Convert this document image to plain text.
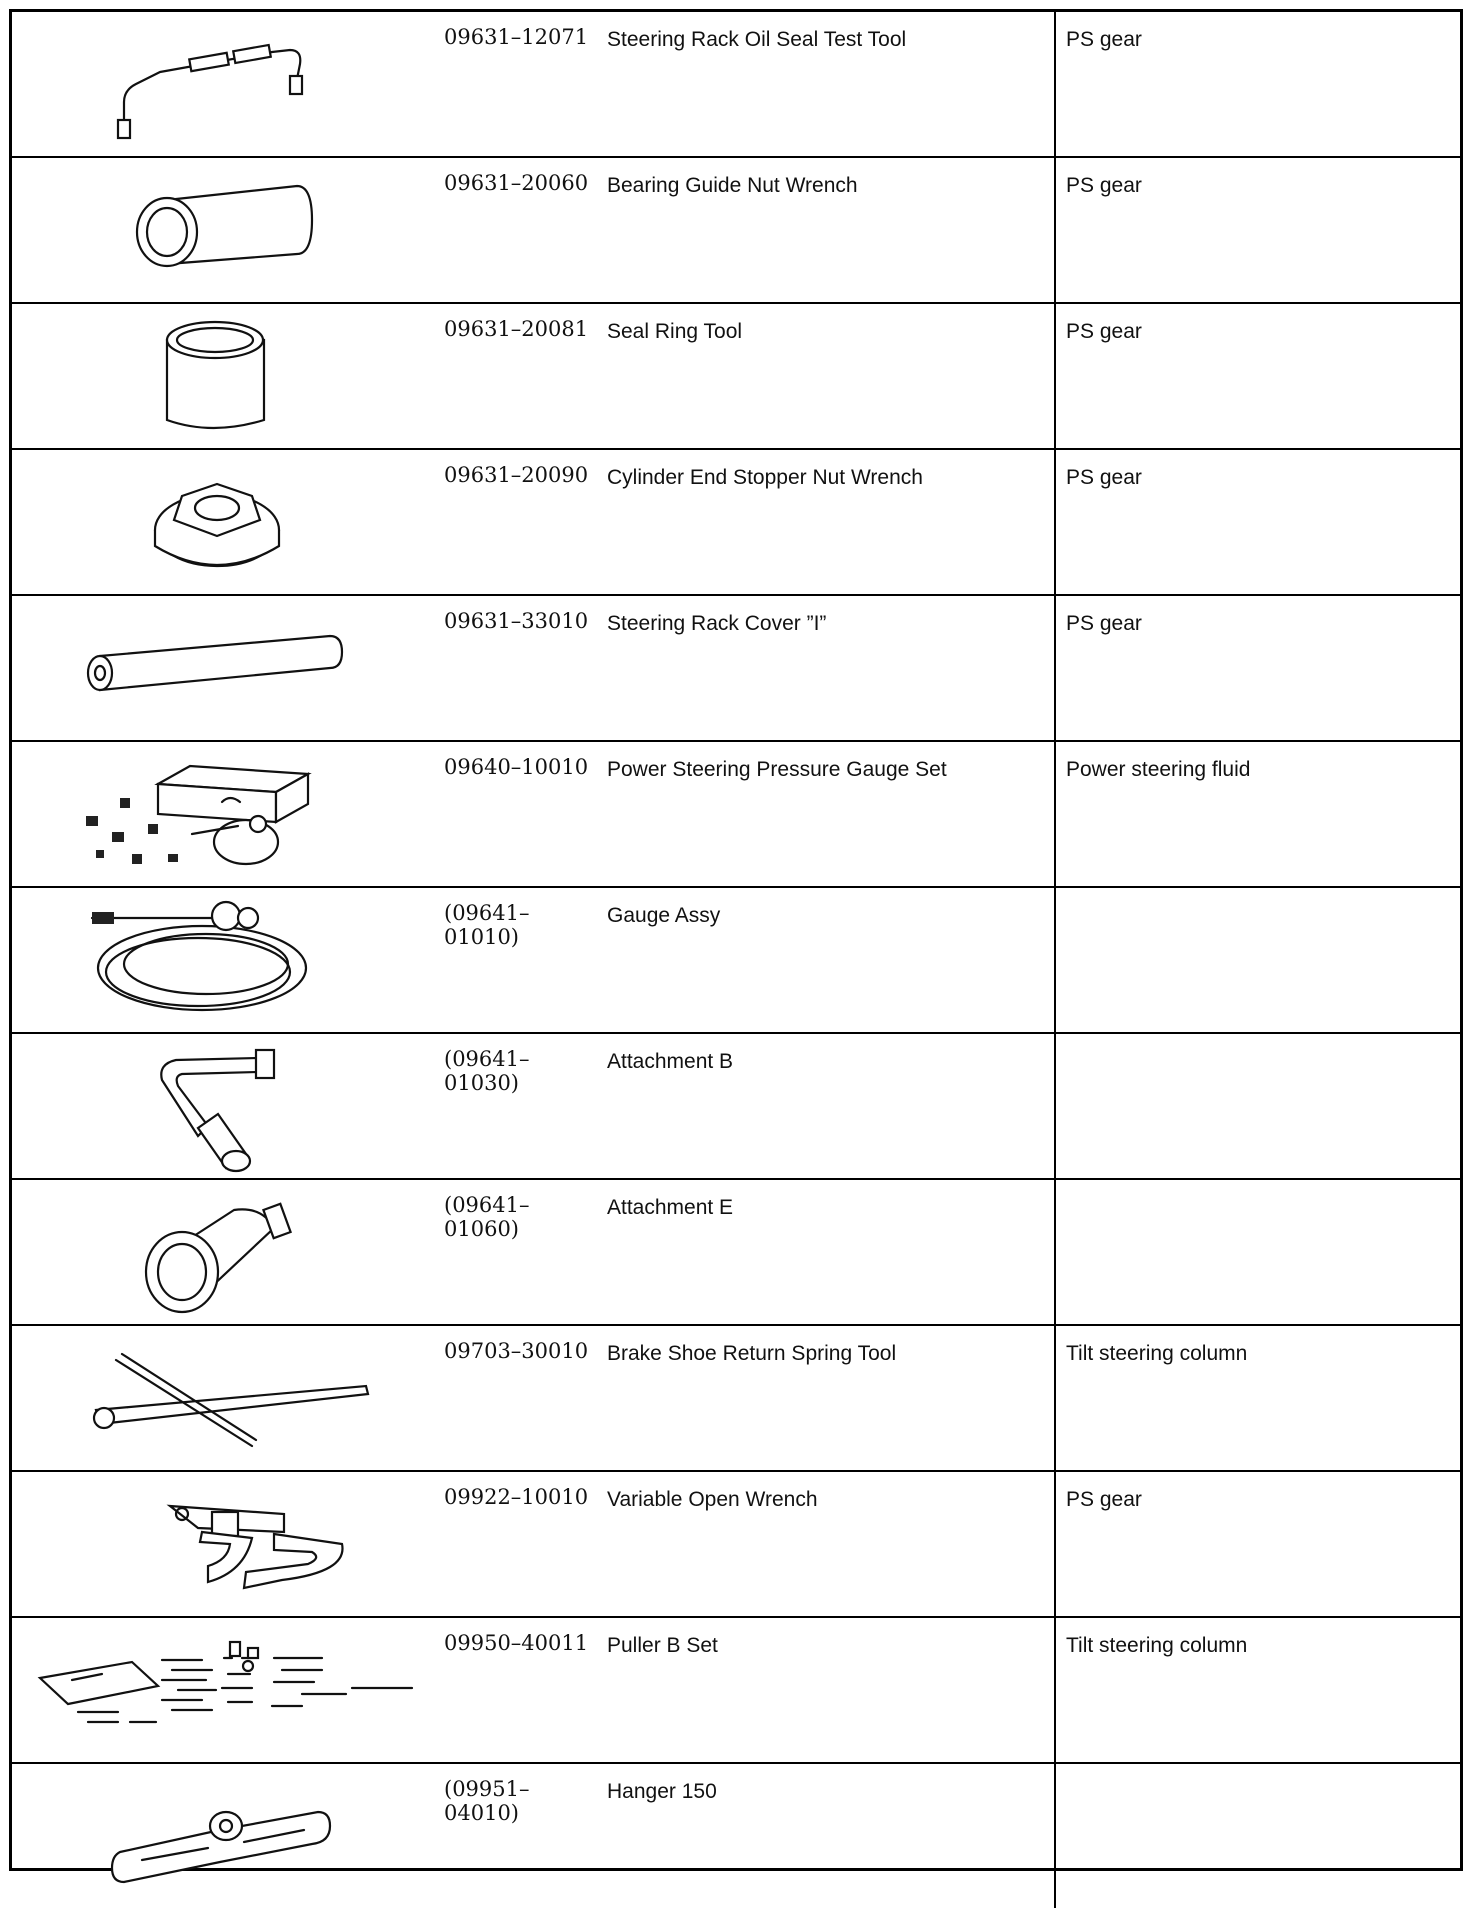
09631–12071	Steering Rack Oil Seal Test Tool	PS gear

09631–20060	Bearing Guide Nut Wrench	PS gear

09631–20081	Seal Ring Tool	PS gear

09631–20090	Cylinder End Stopper Nut Wrench	PS gear

09631–33010	Steering Rack Cover ”I”	PS gear

09640–10010	Power Steering Pressure Gauge Set	Power steering fluid

(09641–01010)	Gauge Assy	

(09641–01030)	Attachment B	

(09641–01060)	Attachment E	

09703–30010	Brake Shoe Return Spring Tool	Tilt steering column

09922–10010	Variable Open Wrench	PS gear

09950–40011	Puller B Set	Tilt steering column

(09951–04010)	Hanger 150	
